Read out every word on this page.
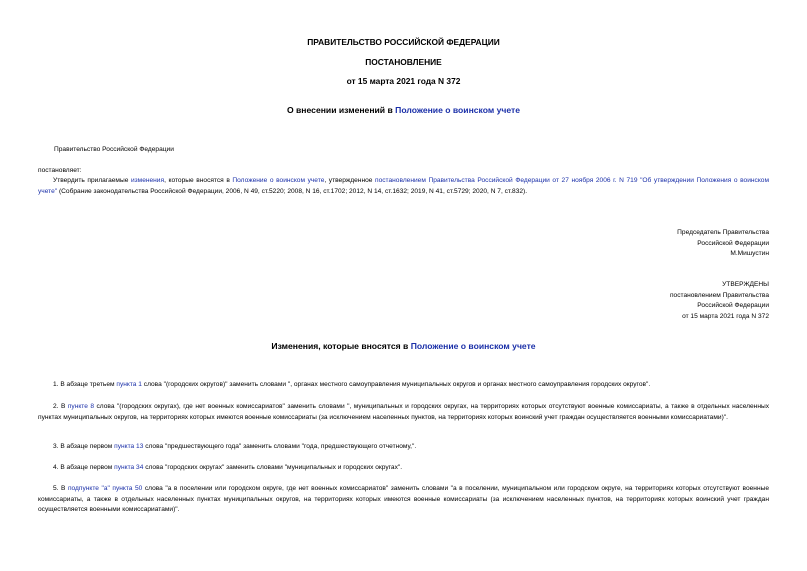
ПРАВИТЕЛЬСТВО РОССИЙСКОЙ ФЕДЕРАЦИИ
ПОСТАНОВЛЕНИЕ
от 15 марта 2021 года N 372
О внесении изменений в Положение о воинском учете
Правительство Российской Федерации
постановляет:
Утвердить прилагаемые изменения, которые вносятся в Положение о воинском учете, утвержденное постановлением Правительства Российской Федерации от 27 ноября 2006 г. N 719 "Об утверждении Положения о воинском учете" (Собрание законодательства Российской Федерации, 2006, N 49, ст.5220; 2008, N 16, ст.1702; 2012, N 14, ст.1632; 2019, N 41, ст.5729; 2020, N 7, ст.832).
Председатель Правительства
Российской Федерации
М.Мишустин
УТВЕРЖДЕНЫ
постановлением Правительства
Российской Федерации
от 15 марта 2021 года N 372
Изменения, которые вносятся в Положение о воинском учете
1. В абзаце третьем пункта 1 слова "(городских округов)" заменить словами ", органах местного самоуправления муниципальных округов и органах местного самоуправления городских округов".
2. В пункте 8 слова "(городских округах), где нет военных комиссариатов" заменить словами ", муниципальных и городских округах, на территориях которых отсутствуют военные комиссариаты, а также в отдельных населенных пунктах муниципальных округов, на территориях которых имеются военные комиссариаты (за исключением населенных пунктов, на территориях которых воинский учет граждан осуществляется военными комиссариатами)".
3. В абзаце первом пункта 13 слова "предшествующего года" заменить словами "года, предшествующего отчетному,".
4. В абзаце первом пункта 34 слова "городских округах" заменить словами "муниципальных и городских округах".
5. В подпункте "а" пункта 50 слова "а в поселении или городском округе, где нет военных комиссариатов" заменить словами "а в поселении, муниципальном или городском округе, на территориях которых отсутствуют военные комиссариаты, а также в отдельных населенных пунктах муниципальных округов, на территориях которых имеются военные комиссариаты (за исключением населенных пунктов, на территориях которых воинский учет граждан осуществляется военными комиссариатами)".
